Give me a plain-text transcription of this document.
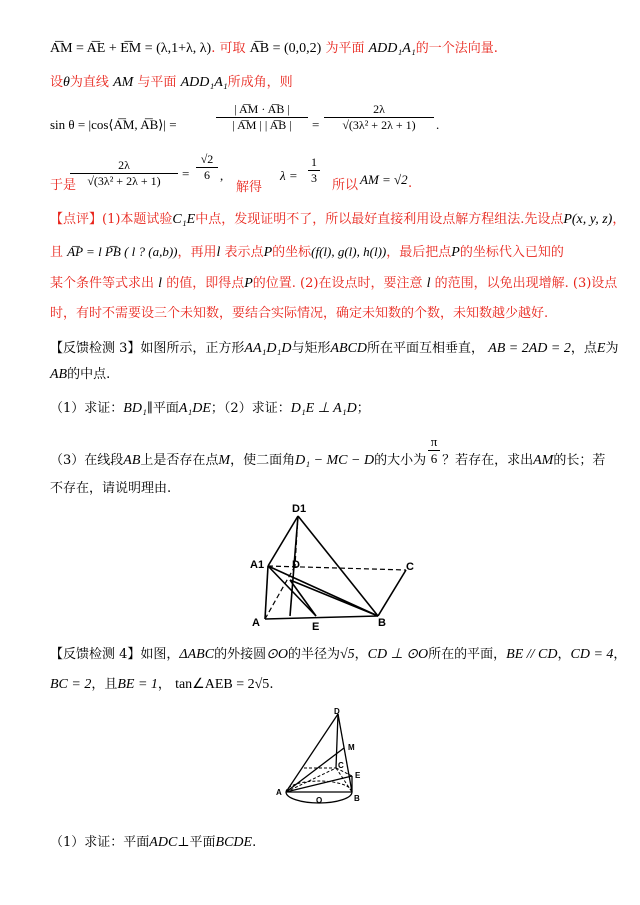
A͞M = A͞E + E͞M = (λ,1+λ, λ). 可取 A͞B = (0,0,2) 为平面 ADD₁A₁的一个法向量.
设θ为直线 AM 与平面 ADD₁A₁所成角，则
sin θ = |cos⟨A͞M, A͞B⟩| =	$\frac{| A͞M \cdot A͞B |}{| A͞M | | A͞B |} = \frac{2\lambda}{\text{√(3λ² + 2λ + 1)}}$ .
于是
$\frac{2\lambda}{\text{√(3λ² + 2λ + 1)}} = \frac{√2}{6}$ ,
解得
$\lambda = \frac{1}{3}$ 所以 AM = √2 .
【点评】(1)本题试验C₁E中点，发现证明不了，所以最好直接利用设点解方程组法.先设点P(x, y, z)，
且 A͞P = l P͞B ( l ? (a,b))，再用l 表示点P的坐标(f(l), g(l), h(l))，最后把点P的坐标代入已知的
某个条件等式求出 l 的值，即得点P的位置. (2)在设点时，要注意 l 的范围，以免出现增解. (3)设点
时，有时不需要设三个未知数，要结合实际情况，确定未知数的个数，未知数越少越好.
【反馈检测 3】如图所示，正方形AA₁D₁D与矩形ABCD所在平面互相垂直， AB = 2AD = 2，点E为
AB的中点.
（1）求证：BD₁∥平面A₁DE；（2）求证：D₁E ⊥ A₁D；
（3）在线段AB上是否存在点M，使二面角D₁ − MC − D的大小为 ？若存在，求出AM的长；若
$\frac{\pi}{6}$
不存在，请说明理由.
D1
A1	D	C
A	E	B
【反馈检测 4】如图，ΔABC的外接圆⊙O的半径为√5，CD ⊥ ⊙O所在的平面，BE // CD，CD = 4，
BC = 2，且BE = 1， tan∠AEB = 2√5.
D
M
C
E
A
O	B
（1）求证：平面ADC⊥平面BCDE.
